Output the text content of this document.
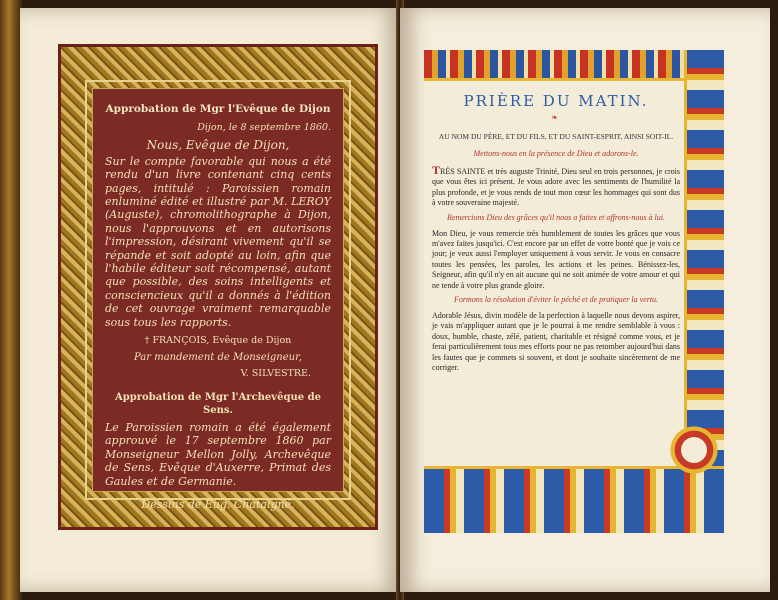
Approbation de Mgr l'Evêque de Dijon
Dijon, le 8 septembre 1860.
Nous, Evêque de Dijon,
Sur le compte favorable qui nous a été rendu d'un livre contenant cinq cents pages, intitulé : Paroissien romain enluminé édité et illustré par M. LEROY (Auguste), chromolithographe à Dijon, nous l'approuvons et en autorisons l'impression, désirant vivement qu'il se répande et soit adopté au loin, afin que l'habile éditeur soit récompensé, autant que possible, des soins intelligents et consciencieux qu'il a donnés à l'édition de cet ouvrage vraiment remarquable sous tous les rapports.
† FRANÇOIS, Evêque de Dijon
Par mandement de Monseigneur,
V. SILVESTRE.
Approbation de Mgr l'Archevêque de Sens.
Le Paroissien romain a été également approuvé le 17 septembre 1860 par Monseigneur Mellon Jolly, Archevêque de Sens, Evêque d'Auxerre, Primat des Gaules et de Germanie.
Dessins de Eug. Chataigné.
PRIÈRE DU MATIN.
❧
AU NOM DU PÈRE, ET DU FILS, ET DU SAINT-ESPRIT, AINSI SOIT-IL.
Mettons-nous en la présence de Dieu et adorons-le.
TRÈS SAINTE et très auguste Trinité, Dieu seul en trois personnes, je crois que vous êtes ici présent. Je vous adore avec les sentiments de l'humilité la plus profonde, et je vous rends de tout mon cœur les hommages qui sont dus à votre souveraine majesté.
Remercions Dieu des grâces qu'il nous a faites et offrons-nous à lui.
Mon Dieu, je vous remercie très humblement de toutes les grâces que vous m'avez faites jusqu'ici. C'est encore par un effet de votre bonté que je vois ce jour; je veux aussi l'employer uniquement à vous servir. Je vous en consacre toutes les pensées, les paroles, les actions et les peines. Bénissez-les, Seigneur, afin qu'il n'y en ait aucune qui ne soit animée de votre amour et qui ne tende à votre plus grande gloire.
Formons la résolution d'éviter le péché et de pratiquer la vertu.
Adorable Jésus, divin modèle de la perfection à laquelle nous devons aspirer, je vais m'appliquer autant que je le pourrai à me rendre semblable à vous : doux, humble, chaste, zélé, patient, charitable et résigné comme vous, et je ferai particulièrement tous mes efforts pour ne pas retomber aujourd'hui dans les fautes que je commets si souvent, et dont je souhaite sincèrement de me corriger.
